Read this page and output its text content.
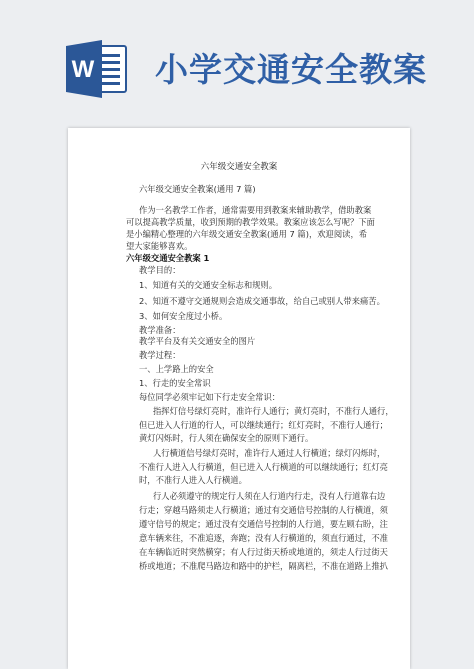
W 小学交通安全教案
六年级交通安全教案
六年级交通安全教案(通用 7 篇)
作为一名教学工作者，通常需要用到教案来辅助教学，借助教案
可以提高教学质量，收到预期的教学效果。教案应该怎么写呢？下面
是小编精心整理的六年级交通安全教案(通用 7 篇)，欢迎阅读，希
望大家能够喜欢。
六年级交通安全教案 1
教学目的：
1、知道有关的交通安全标志和规则。
2、知道不遵守交通规则会造成交通事故，给自己或别人带来痛苦。
3、如何安全度过小桥。
教学准备：
教学平台及有关交通安全的图片
教学过程：
一、上学路上的安全
1、行走的安全常识
每位同学必须牢记如下行走安全常识：
指挥灯信号绿灯亮时，准许行人通行；黄灯亮时，不准行人通行，
但已进入人行道的行人，可以继续通行；红灯亮时，不准行人通行；
黄灯闪烁时，行人须在确保安全的原则下通行。
人行横道信号绿灯亮时，准许行人通过人行横道；绿灯闪烁时，
不准行人进入人行横道，但已进入人行横道的可以继续通行；红灯亮
时，不准行人进入人行横道。
行人必须遵守的规定行人须在人行道内行走，没有人行道靠右边
行走；穿越马路须走人行横道；通过有交通信号控制的人行横道，须
遵守信号的规定；通过没有交通信号控制的人行道，要左顾右盼，注
意车辆来往，不准追逐，奔跑；没有人行横道的，须直行通过，不准
在车辆临近时突然横穿；有人行过街天桥或地道的，须走人行过街天
桥或地道；不准爬马路边和路中的护栏，隔离栏，不准在道路上推扒
